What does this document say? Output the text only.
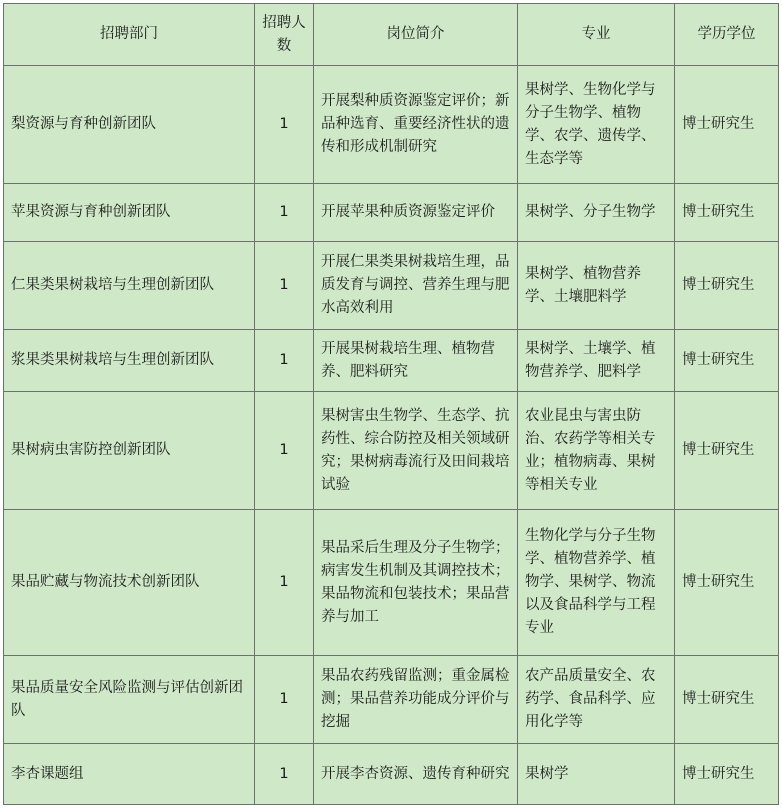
招聘部门	招聘人数	岗位简介	专业	学历学位
梨资源与育种创新团队	1	开展梨种质资源鉴定评价；新品种选育、重要经济性状的遗传和形成机制研究	果树学、生物化学与分子生物学、植物学、农学、遗传学、生态学等	博士研究生
苹果资源与育种创新团队	1	开展苹果种质资源鉴定评价	果树学、分子生物学	博士研究生
仁果类果树栽培与生理创新团队	1	开展仁果类果树栽培生理，品质发育与调控、营养生理与肥水高效利用	果树学、植物营养学、土壤肥料学	博士研究生
浆果类果树栽培与生理创新团队	1	开展果树栽培生理、植物营养、肥料研究	果树学、土壤学、植物营养学、肥料学	博士研究生
果树病虫害防控创新团队	1	果树害虫生物学、生态学、抗药性、综合防控及相关领域研究；果树病毒流行及田间栽培试验	农业昆虫与害虫防治、农药学等相关专业；植物病毒、果树等相关专业	博士研究生
果品贮藏与物流技术创新团队	1	果品采后生理及分子生物学；病害发生机制及其调控技术；果品物流和包装技术；果品营养与加工	生物化学与分子生物学、植物营养学、植物学、果树学、物流以及食品科学与工程专业	博士研究生
果品质量安全风险监测与评估创新团队	1	果品农药残留监测；重金属检测；果品营养功能成分评价与挖掘	农产品质量安全、农药学、食品科学、应用化学等	博士研究生
李杏课题组	1	开展李杏资源、遗传育种研究	果树学	博士研究生
